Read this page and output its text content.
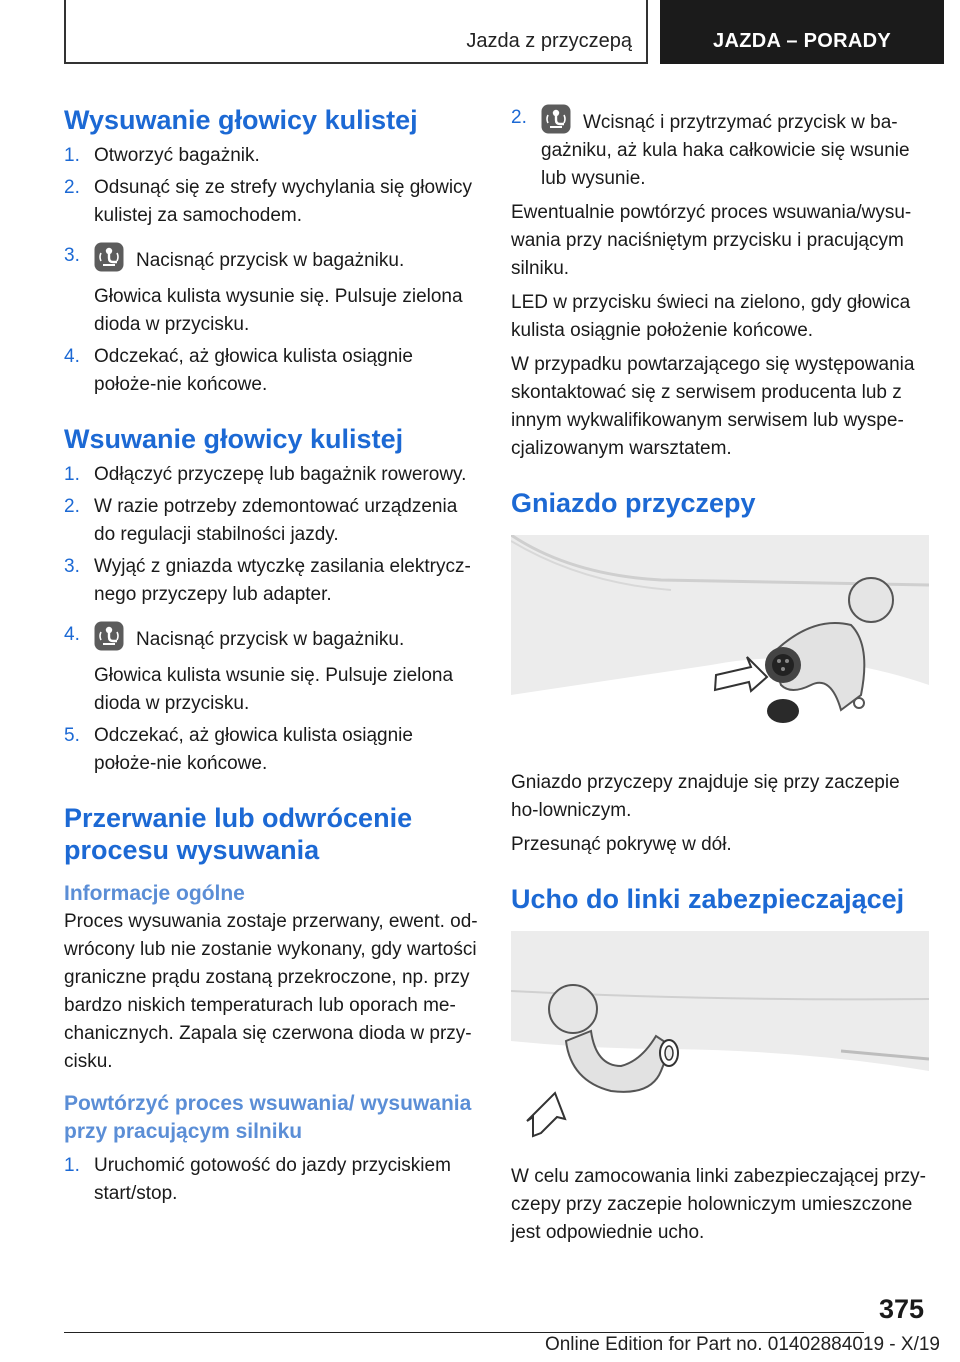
Jazda z przyczepą	JAZDA – PORADY
Wysuwanie głowicy kulistej
1. Otworzyć bagażnik.
2. Odsunąć się ze strefy wychylania się głowicy kulistej za samochodem.
3.	Nacisnąć przycisk w bagażniku.

Głowica kulista wysunie się. Pulsuje zielona dioda w przycisku.

4. Odczekać, aż głowica kulista osiągnie położe-nie końcowe.
Wsuwanie głowicy kulistej
1. Odłączyć przyczepę lub bagażnik rowerowy.
2. W razie potrzeby zdemontować urządzenia do regulacji stabilności jazdy.
3. Wyjąć z gniazda wtyczkę zasilania elektrycz-nego przyczepy lub adapter.
4.	Nacisnąć przycisk w bagażniku.

Głowica kulista wsunie się. Pulsuje zielona dioda w przycisku.

5. Odczekać, aż głowica kulista osiągnie położe-nie końcowe.
Przerwanie lub odwrócenie procesu wysuwania
Informacje ogólne

Proces wysuwania zostaje przerwany, ewent. od-wrócony lub nie zostanie wykonany, gdy wartości graniczne prądu zostaną przekroczone, np. przy bardzo niskich temperaturach lub oporach me-chanicznych. Zapala się czerwona dioda w przy-cisku.

Powtórzyć proces wsuwania/ wysuwania przy pracującym silniku
1. Uruchomić gotowość do jazdy przyciskiem start/stop.
2.	Wcisnąć i przytrzymać przycisk w ba-gażniku, aż kula haka całkowicie się wsunie lub wysunie.

Ewentualnie powtórzyć proces wsuwania/wysu-wania przy naciśniętym przycisku i pracującym silniku.

LED w przycisku świeci na zielono, gdy głowica kulista osiągnie położenie końcowe.

W przypadku powtarzającego się występowania skontaktować się z serwisem producenta lub z innym wykwalifikowanym serwisem lub wyspe-cjalizowanym warsztatem.

Gniazdo przyczepy

Gniazdo przyczepy znajduje się przy zaczepie ho-lowniczym.

Przesunąć pokrywę w dół.

Ucho do linki zabezpieczającej

W celu zamocowania linki zabezpieczającej przy-czepy przy zaczepie holowniczym umieszczone jest odpowiednie ucho.

375
Online Edition for Part no. 01402884019 - X/19
